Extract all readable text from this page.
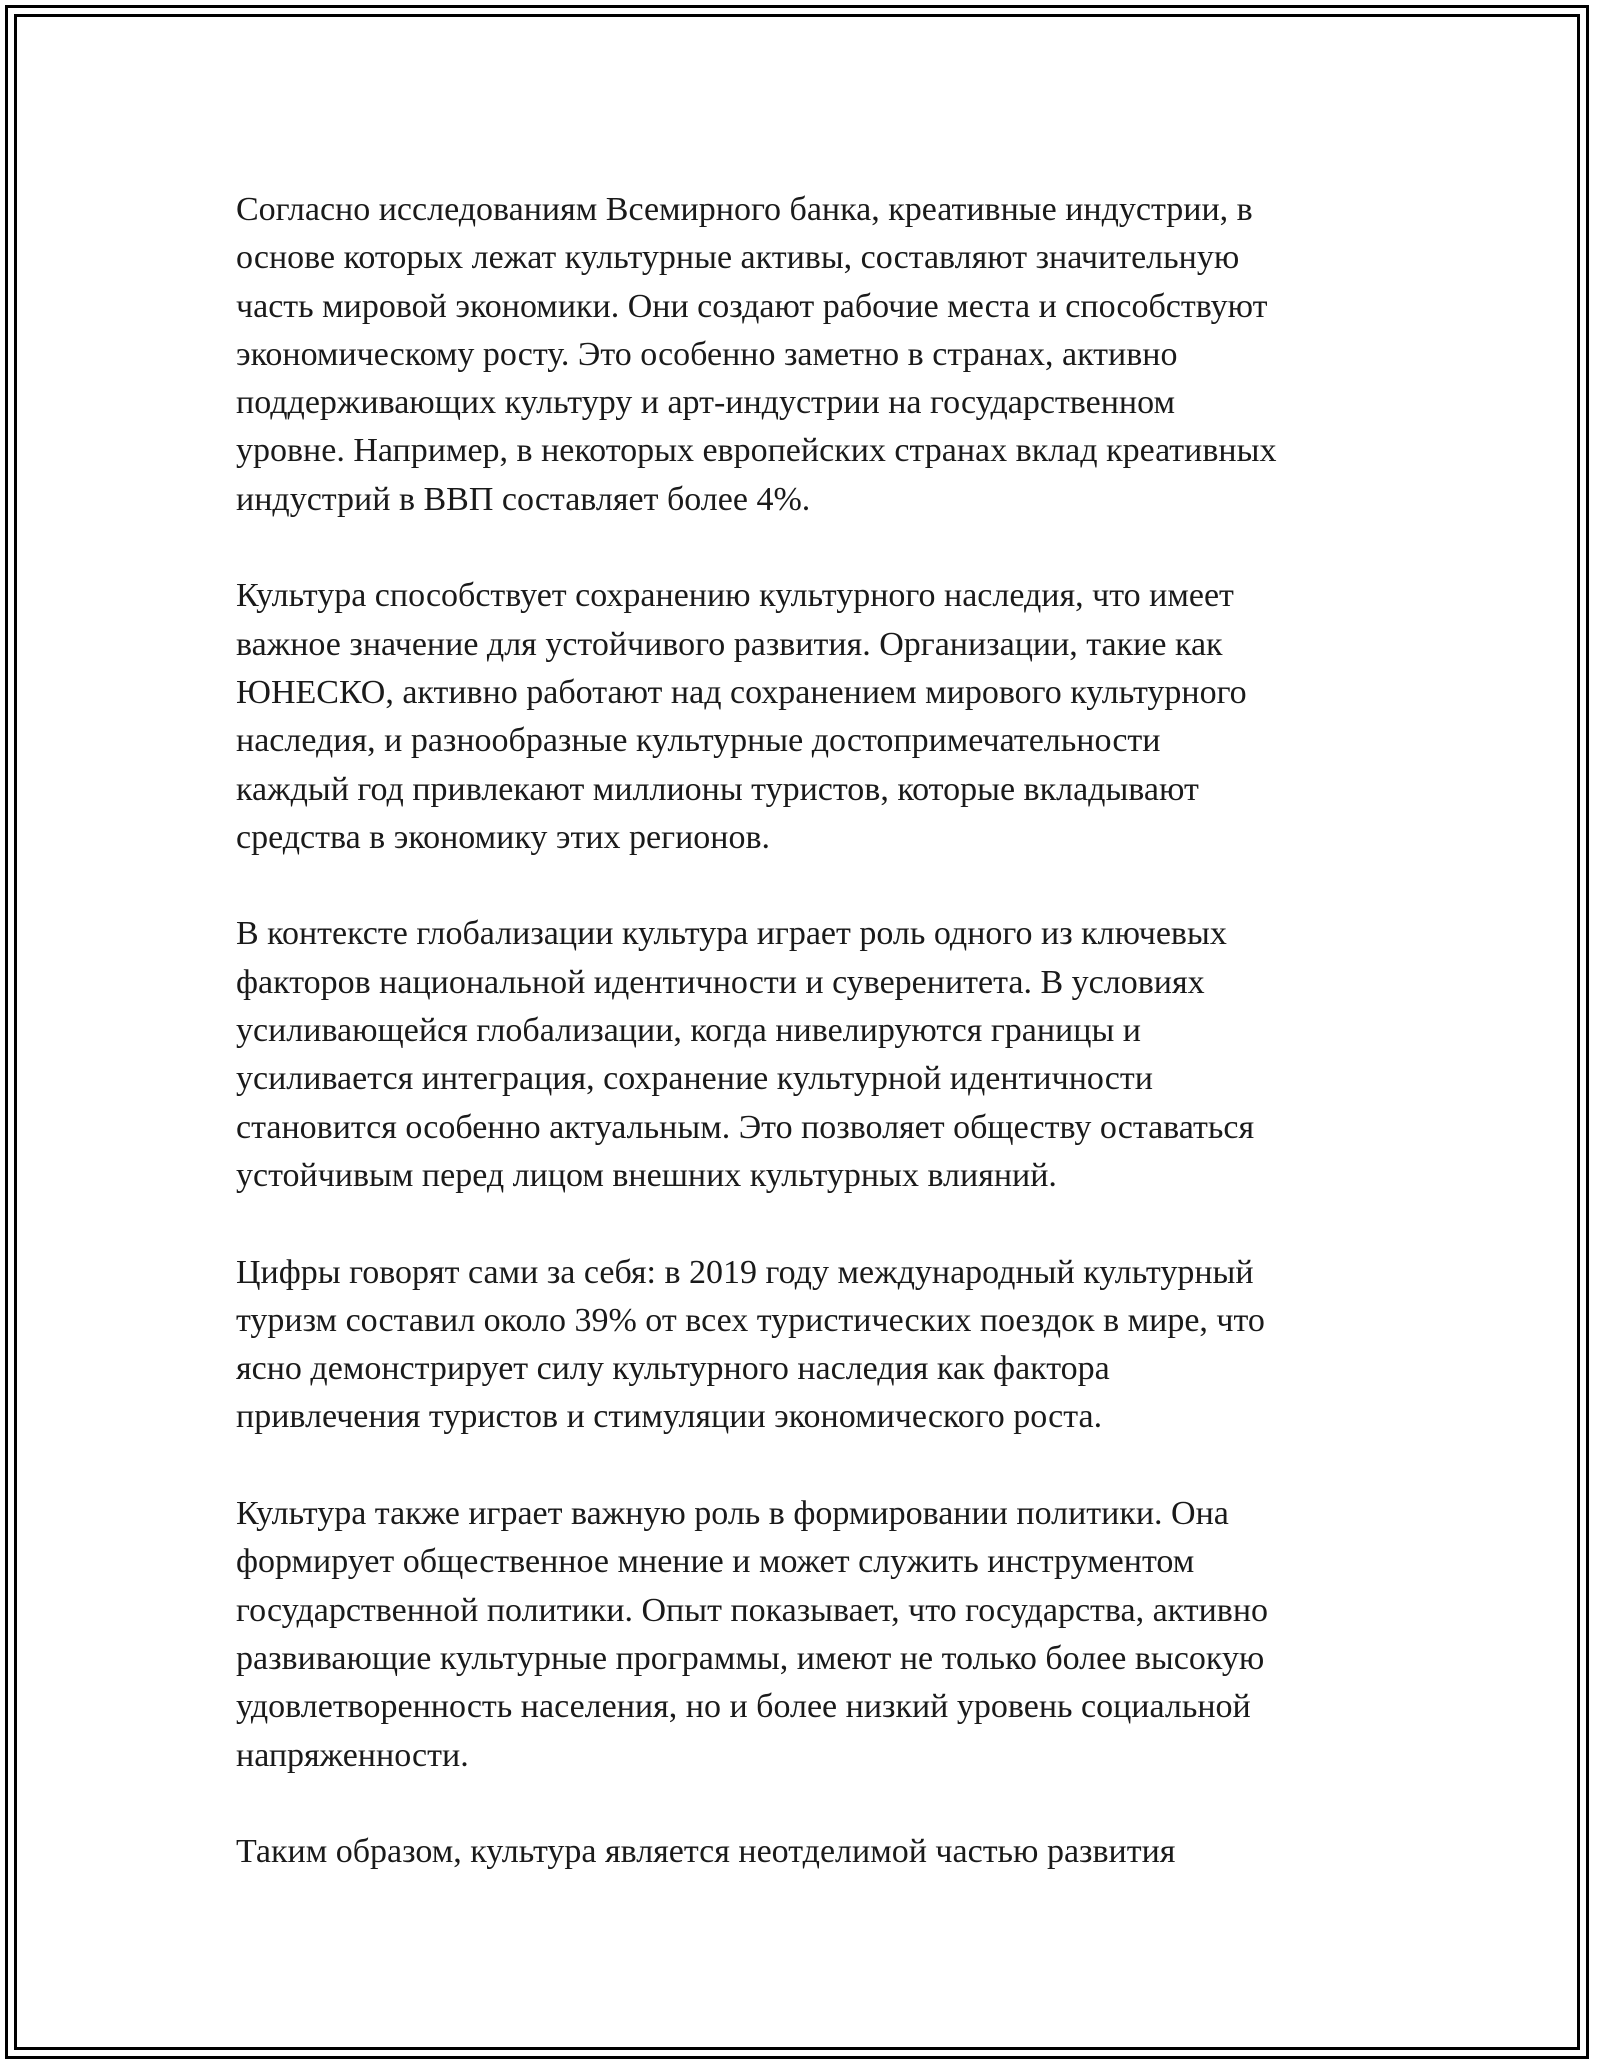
Согласно исследованиям Всемирного банка, креативные индустрии, в
основе которых лежат культурные активы, составляют значительную
часть мировой экономики. Они создают рабочие места и способствуют
экономическому росту. Это особенно заметно в странах, активно
поддерживающих культуру и арт-индустрии на государственном
уровне. Например, в некоторых европейских странах вклад креативных
индустрий в ВВП составляет более 4%.
Культура способствует сохранению культурного наследия, что имеет
важное значение для устойчивого развития. Организации, такие как
ЮНЕСКО, активно работают над сохранением мирового культурного
наследия, и разнообразные культурные достопримечательности
каждый год привлекают миллионы туристов, которые вкладывают
средства в экономику этих регионов.
В контексте глобализации культура играет роль одного из ключевых
факторов национальной идентичности и суверенитета. В условиях
усиливающейся глобализации, когда нивелируются границы и
усиливается интеграция, сохранение культурной идентичности
становится особенно актуальным. Это позволяет обществу оставаться
устойчивым перед лицом внешних культурных влияний.
Цифры говорят сами за себя: в 2019 году международный культурный
туризм составил около 39% от всех туристических поездок в мире, что
ясно демонстрирует силу культурного наследия как фактора
привлечения туристов и стимуляции экономического роста.
Культура также играет важную роль в формировании политики. Она
формирует общественное мнение и может служить инструментом
государственной политики. Опыт показывает, что государства, активно
развивающие культурные программы, имеют не только более высокую
удовлетворенность населения, но и более низкий уровень социальной
напряженности.
Таким образом, культура является неотделимой частью развития
